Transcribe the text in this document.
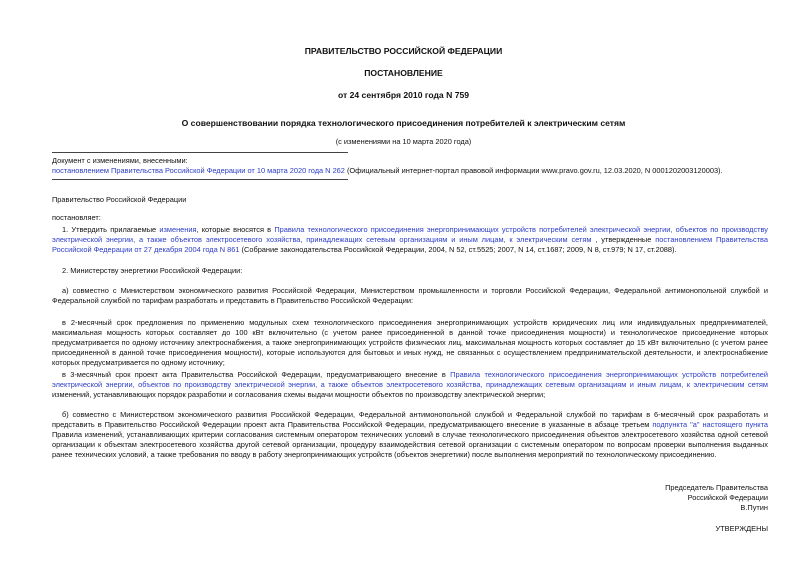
ПРАВИТЕЛЬСТВО РОССИЙСКОЙ ФЕДЕРАЦИИ
ПОСТАНОВЛЕНИЕ
от 24 сентября 2010 года N 759
О совершенствовании порядка технологического присоединения потребителей к электрическим сетям
(с изменениями на 10 марта 2020 года)
Документ с изменениями, внесенными:
постановлением Правительства Российской Федерации от 10 марта 2020 года N 262 (Официальный интернет-портал правовой информации www.pravo.gov.ru, 12.03.2020, N 0001202003120003).
Правительство Российской Федерации
постановляет:
1. Утвердить прилагаемые изменения, которые вносятся в Правила технологического присоединения энергопринимающих устройств потребителей электрической энергии, объектов по производству электрической энергии, а также объектов электросетевого хозяйства, принадлежащих сетевым организациям и иным лицам, к электрическим сетям , утвержденные постановлением Правительства Российской Федерации от 27 декабря 2004 года N 861 (Собрание законодательства Российской Федерации, 2004, N 52, ст.5525; 2007, N 14, ст.1687; 2009, N 8, ст.979; N 17, ст.2088).
2. Министерству энергетики Российской Федерации:
а) совместно с Министерством экономического развития Российской Федерации, Министерством промышленности и торговли Российской Федерации, Федеральной антимонопольной службой и Федеральной службой по тарифам разработать и представить в Правительство Российской Федерации:
в 2-месячный срок предложения по применению модульных схем технологического присоединения энергопринимающих устройств юридических лиц или индивидуальных предпринимателей, максимальная мощность которых составляет до 100 кВт включительно (с учетом ранее присоединенной в данной точке присоединения мощности) и технологическое присоединение которых предусматривается по одному источнику электроснабжения, а также энергопринимающих устройств физических лиц, максимальная мощность которых составляет до 15 кВт включительно (с учетом ранее присоединенной в данной точке присоединения мощности), которые используются для бытовых и иных нужд, не связанных с осуществлением предпринимательской деятельности, и электроснабжение которых предусматривается по одному источнику;
в 3-месячный срок проект акта Правительства Российской Федерации, предусматривающего внесение в Правила технологического присоединения энергопринимающих устройств потребителей электрической энергии, объектов по производству электрической энергии, а также объектов электросетевого хозяйства, принадлежащих сетевым организациям и иным лицам, к электрическим сетям изменений, устанавливающих порядок разработки и согласования схемы выдачи мощности объектов по производству электрической энергии;
б) совместно с Министерством экономического развития Российской Федерации, Федеральной антимонопольной службой и Федеральной службой по тарифам в 6-месячный срок разработать и представить в Правительство Российской Федерации проект акта Правительства Российской Федерации, предусматривающего внесение в указанные в абзаце третьем подпункта "а" настоящего пункта Правила изменений, устанавливающих критерии согласования системным оператором технических условий в случае технологического присоединения объектов электросетевого хозяйства одной сетевой организации к объектам электросетевого хозяйства другой сетевой организации, процедуру взаимодействия сетевой организации с системным оператором по вопросам проверки выполнения выданных ранее технических условий, а также требования по вводу в работу энергопринимающих устройств (объектов энергетики) после выполнения мероприятий по технологическому присоединению.
Председатель Правительства
Российской Федерации
В.Путин
УТВЕРЖДЕНЫ
